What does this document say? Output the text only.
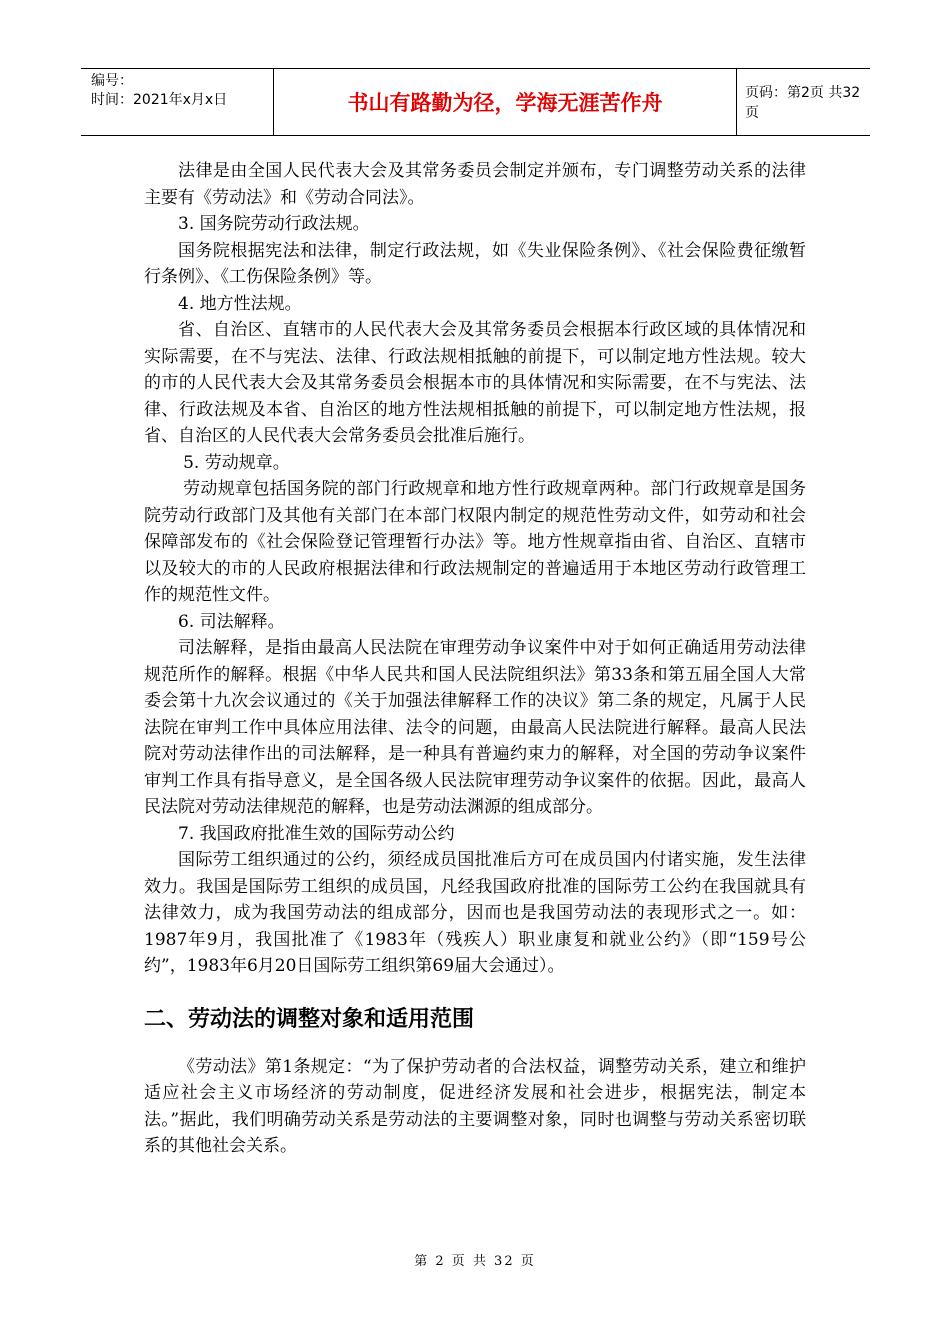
编号：
时间：2021年x月x日	书山有路勤为径，学海无涯苦作舟	页码：第2页 共32页

法律是由全国人民代表大会及其常务委员会制定并颁布，专门调整劳动关系的法律主要有《劳动法》和《劳动合同法》。

3. 国务院劳动行政法规。

国务院根据宪法和法律，制定行政法规，如《失业保险条例》、《社会保险费征缴暂行条例》、《工伤保险条例》等。

4. 地方性法规。

省、自治区、直辖市的人民代表大会及其常务委员会根据本行政区域的具体情况和实际需要，在不与宪法、法律、行政法规相抵触的前提下，可以制定地方性法规。较大的市的人民代表大会及其常务委员会根据本市的具体情况和实际需要，在不与宪法、法律、行政法规及本省、自治区的地方性法规相抵触的前提下，可以制定地方性法规，报省、自治区的人民代表大会常务委员会批准后施行。

5. 劳动规章。

劳动规章包括国务院的部门行政规章和地方性行政规章两种。部门行政规章是国务院劳动行政部门及其他有关部门在本部门权限内制定的规范性劳动文件，如劳动和社会保障部发布的《社会保险登记管理暂行办法》等。地方性规章指由省、自治区、直辖市以及较大的市的人民政府根据法律和行政法规制定的普遍适用于本地区劳动行政管理工作的规范性文件。

6. 司法解释。

司法解释，是指由最高人民法院在审理劳动争议案件中对于如何正确适用劳动法律规范所作的解释。根据《中华人民共和国人民法院组织法》第33条和第五届全国人大常委会第十九次会议通过的《关于加强法律解释工作的决议》第二条的规定，凡属于人民法院在审判工作中具体应用法律、法令的问题，由最高人民法院进行解释。最高人民法院对劳动法律作出的司法解释，是一种具有普遍约束力的解释，对全国的劳动争议案件审判工作具有指导意义，是全国各级人民法院审理劳动争议案件的依据。因此，最高人民法院对劳动法律规范的解释，也是劳动法渊源的组成部分。

7. 我国政府批准生效的国际劳动公约

国际劳工组织通过的公约，须经成员国批准后方可在成员国内付诸实施，发生法律效力。我国是国际劳工组织的成员国，凡经我国政府批准的国际劳工公约在我国就具有法律效力，成为我国劳动法的组成部分，因而也是我国劳动法的表现形式之一。如：1987年9月，我国批准了《1983年（残疾人）职业康复和就业公约》（即“159号公约”，1983年6月20日国际劳工组织第69届大会通过）。

二、劳动法的调整对象和适用范围

《劳动法》第1条规定：“为了保护劳动者的合法权益，调整劳动关系，建立和维护适应社会主义市场经济的劳动制度，促进经济发展和社会进步，根据宪法，制定本法。”据此，我们明确劳动关系是劳动法的主要调整对象，同时也调整与劳动关系密切联系的其他社会关系。

第 2 页 共 32 页
